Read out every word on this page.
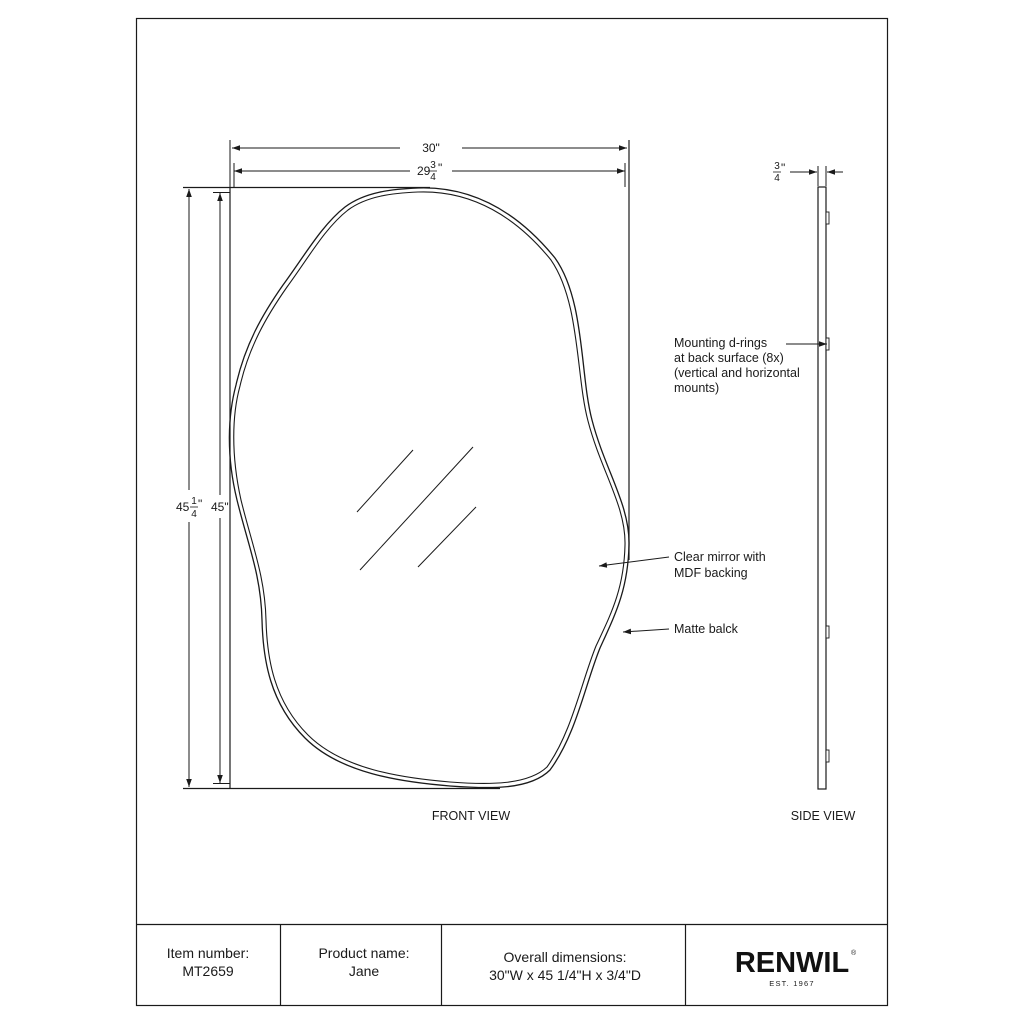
30"
29 3
4
"
45 1
4
" 45"
FRONT VIEW
3
4
"
SIDE VIEW
Mounting d-rings
at back surface (8x)
(vertical and horizontal
mounts)
Clear mirror with
MDF backing
Matte balck
Item number:
MT2659
Product name:
Jane
Overall dimensions:
30"W x 45 1/4"H x 3/4"D	RENWIL ®
EST. 1967
